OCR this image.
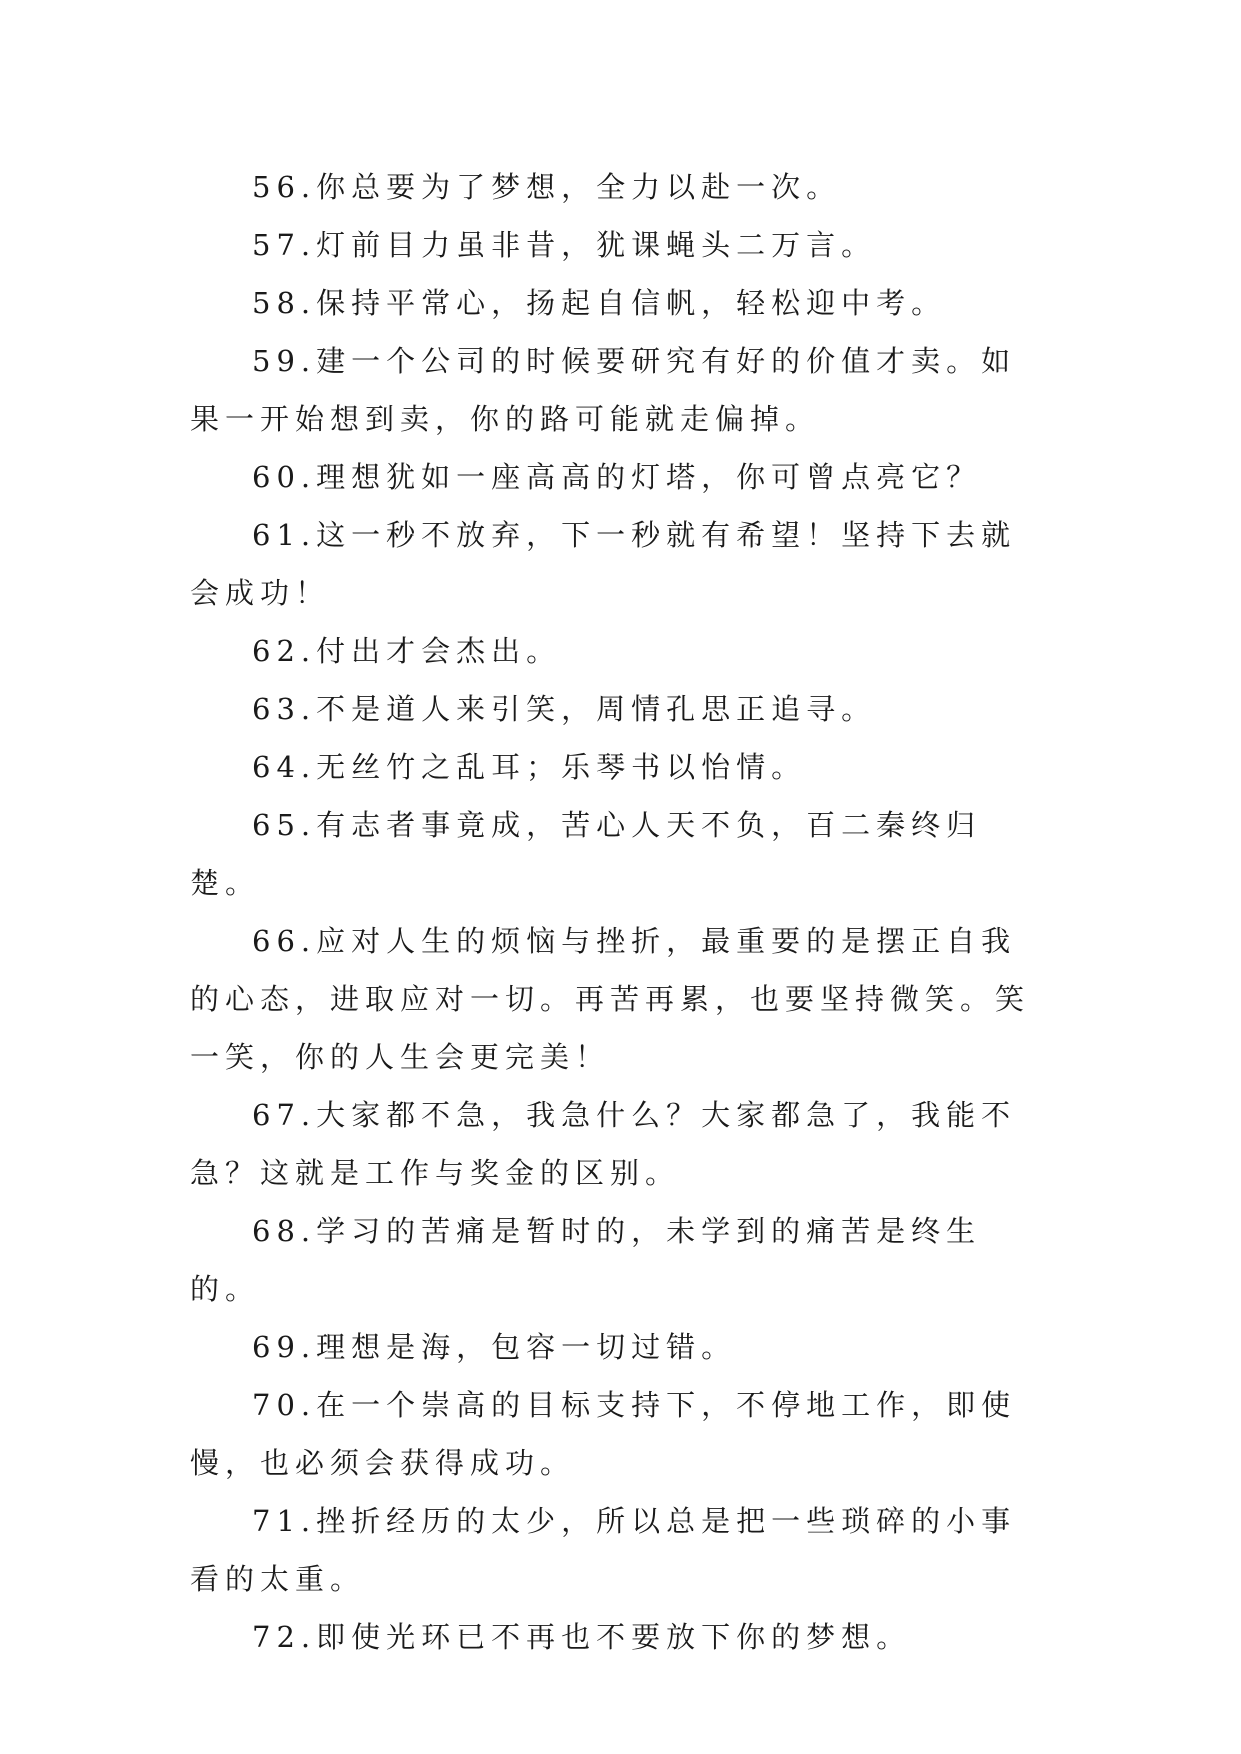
56.你总要为了梦想，全力以赴一次。

57.灯前目力虽非昔，犹课蝇头二万言。

58.保持平常心，扬起自信帆，轻松迎中考。

59.建一个公司的时候要研究有好的价值才卖。如果一开始想到卖，你的路可能就走偏掉。

60.理想犹如一座高高的灯塔，你可曾点亮它？

61.这一秒不放弃，下一秒就有希望！坚持下去就会成功！

62.付出才会杰出。

63.不是道人来引笑，周情孔思正追寻。

64.无丝竹之乱耳；乐琴书以怡情。

65.有志者事竟成，苦心人天不负，百二秦终归楚。

66.应对人生的烦恼与挫折，最重要的是摆正自我的心态，进取应对一切。再苦再累，也要坚持微笑。笑一笑，你的人生会更完美！

67.大家都不急，我急什么？大家都急了，我能不急？这就是工作与奖金的区别。

68.学习的苦痛是暂时的，未学到的痛苦是终生的。

69.理想是海，包容一切过错。

70.在一个崇高的目标支持下，不停地工作，即使慢，也必须会获得成功。

71.挫折经历的太少，所以总是把一些琐碎的小事看的太重。

72.即使光环已不再也不要放下你的梦想。
